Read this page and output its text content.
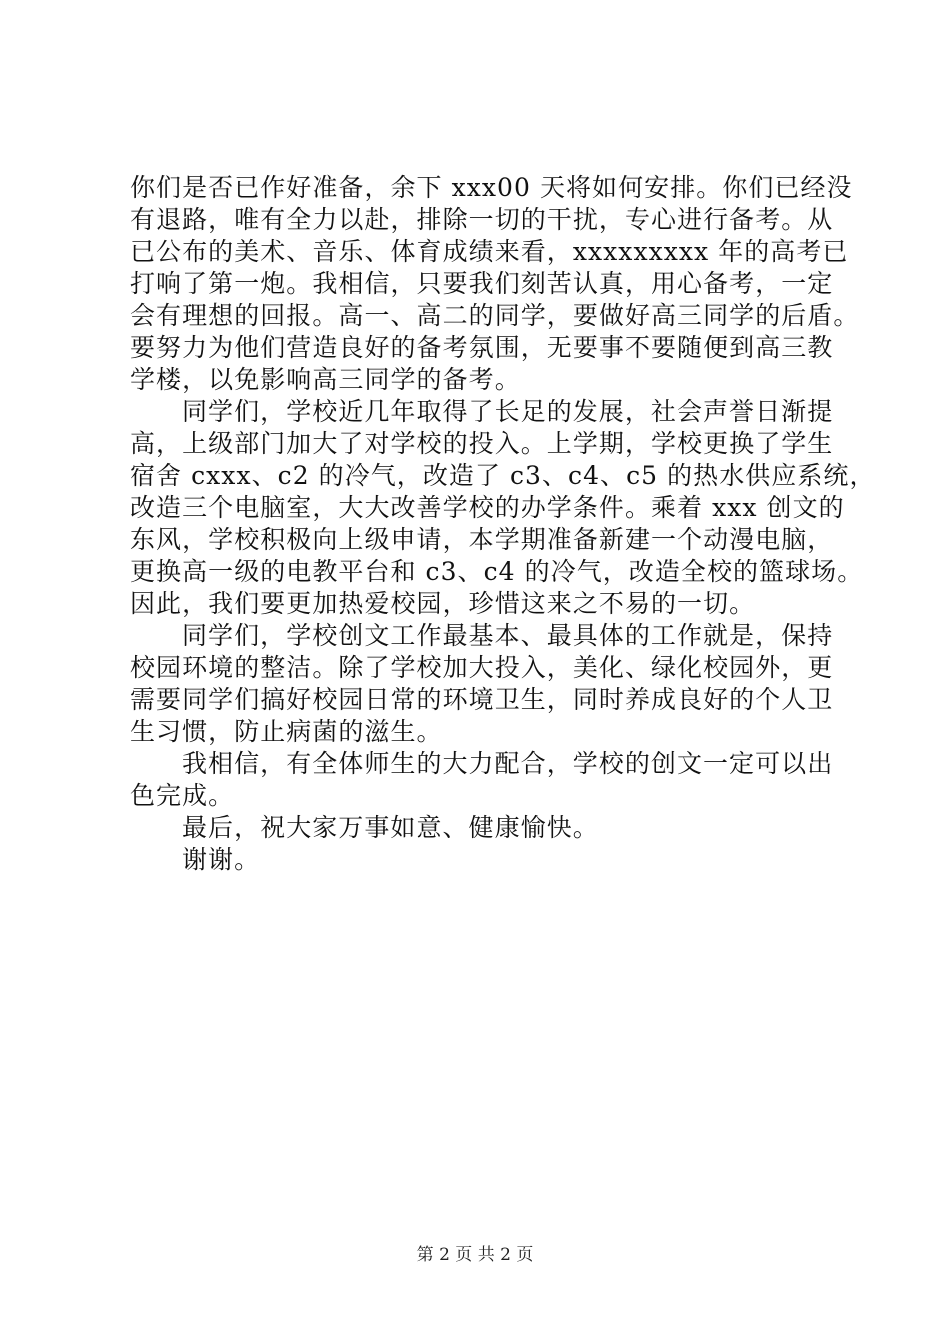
你们是否已作好准备，余下 xxx00 天将如何安排。你们已经没
有退路，唯有全力以赴，排除一切的干扰，专心进行备考。从
已公布的美术、音乐、体育成绩来看，xxxxxxxxx 年的高考已
打响了第一炮。我相信，只要我们刻苦认真，用心备考，一定
会有理想的回报。高一、高二的同学，要做好高三同学的后盾。
要努力为他们营造良好的备考氛围，无要事不要随便到高三教
学楼，以免影响高三同学的备考。
同学们，学校近几年取得了长足的发展，社会声誉日渐提
高，上级部门加大了对学校的投入。上学期，学校更换了学生
宿舍 cxxx、c2 的冷气，改造了 c3、c4、c5 的热水供应系统，
改造三个电脑室，大大改善学校的办学条件。乘着 xxx 创文的
东风，学校积极向上级申请，本学期准备新建一个动漫电脑，
更换高一级的电教平台和 c3、c4 的冷气，改造全校的篮球场。
因此，我们要更加热爱校园，珍惜这来之不易的一切。
同学们，学校创文工作最基本、最具体的工作就是，保持
校园环境的整洁。除了学校加大投入，美化、绿化校园外，更
需要同学们搞好校园日常的环境卫生，同时养成良好的个人卫
生习惯，防止病菌的滋生。
我相信，有全体师生的大力配合，学校的创文一定可以出
色完成。
最后，祝大家万事如意、健康愉快。
谢谢。
第 2 页 共 2 页
